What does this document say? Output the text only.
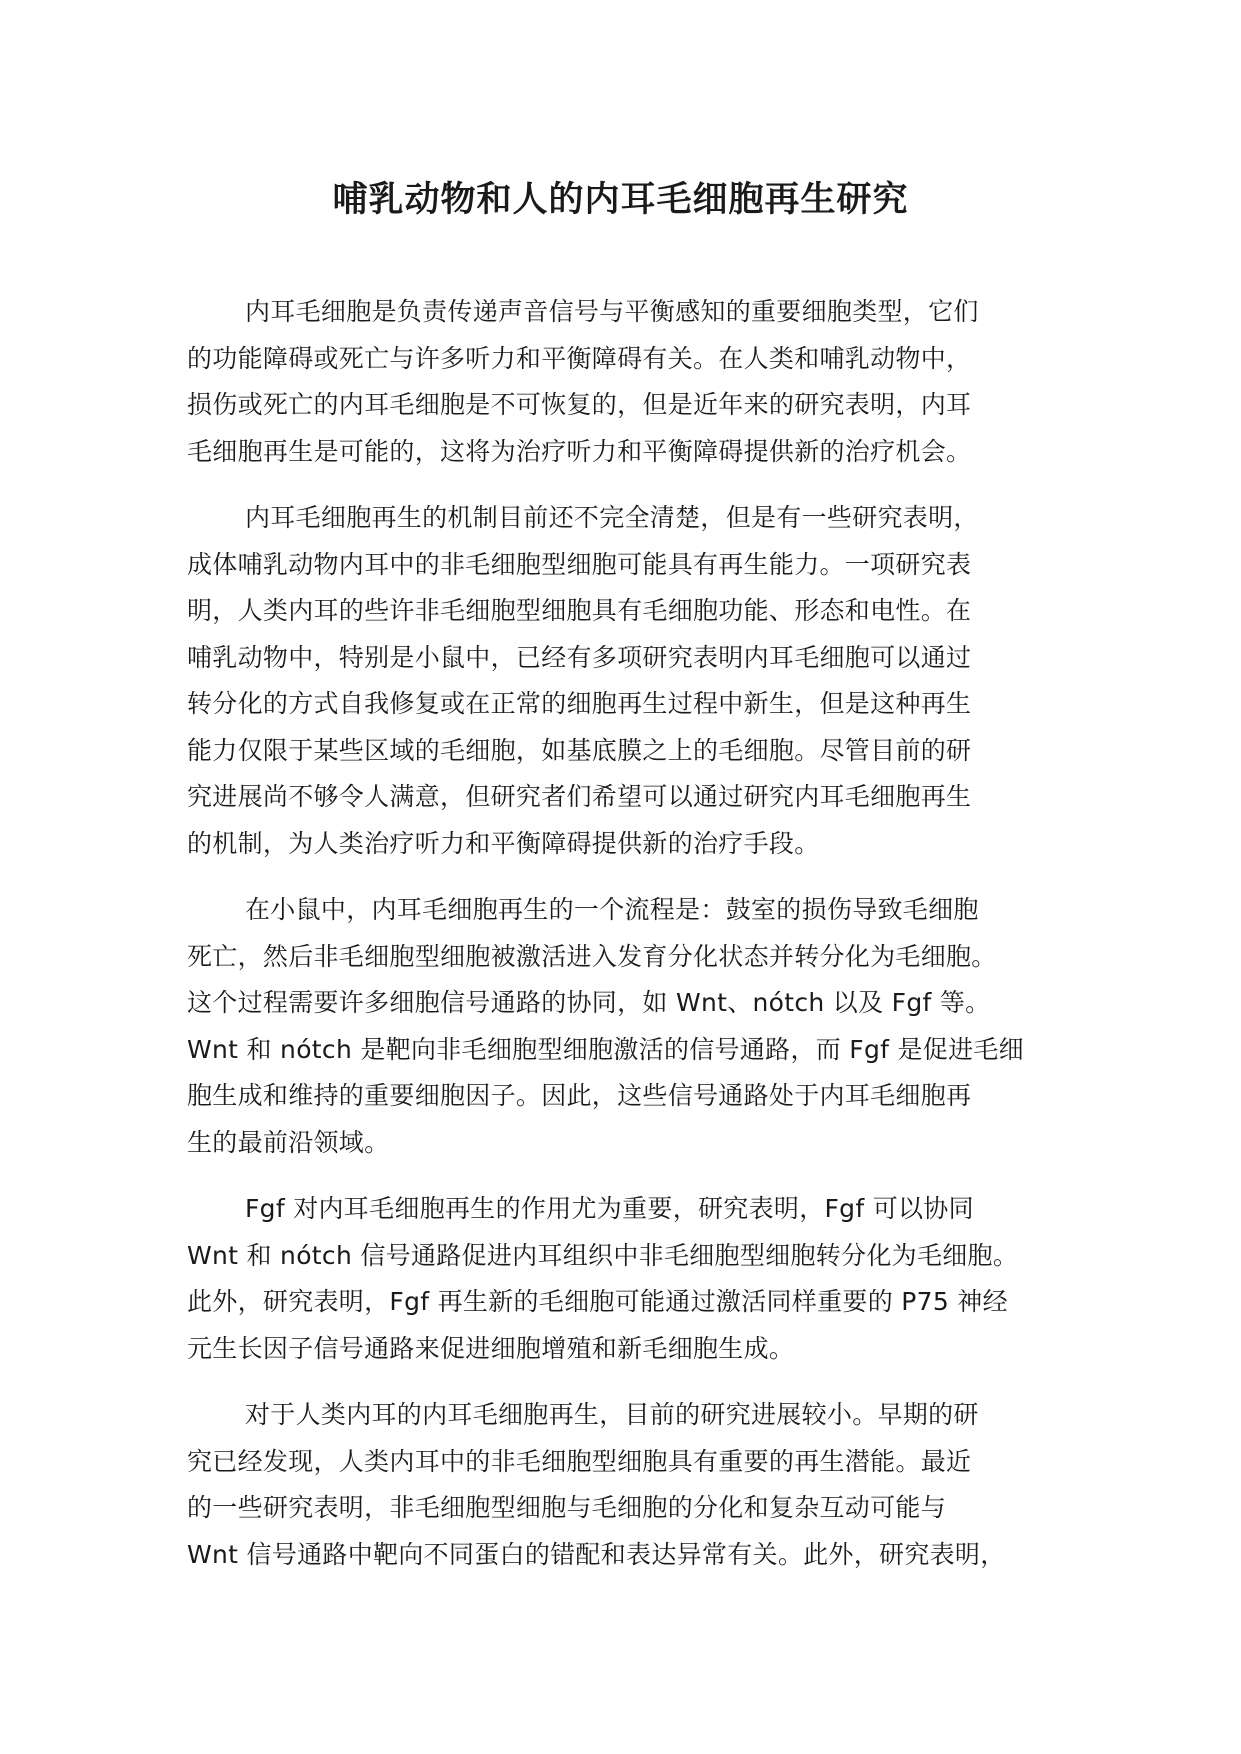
哺乳动物和人的内耳毛细胞再生研究
内耳毛细胞是负责传递声音信号与平衡感知的重要细胞类型，它们
的功能障碍或死亡与许多听力和平衡障碍有关。在人类和哺乳动物中，
损伤或死亡的内耳毛细胞是不可恢复的，但是近年来的研究表明，内耳
毛细胞再生是可能的，这将为治疗听力和平衡障碍提供新的治疗机会。
内耳毛细胞再生的机制目前还不完全清楚，但是有一些研究表明，
成体哺乳动物内耳中的非毛细胞型细胞可能具有再生能力。一项研究表
明，人类内耳的些许非毛细胞型细胞具有毛细胞功能、形态和电性。在
哺乳动物中，特别是小鼠中，已经有多项研究表明内耳毛细胞可以通过
转分化的方式自我修复或在正常的细胞再生过程中新生，但是这种再生
能力仅限于某些区域的毛细胞，如基底膜之上的毛细胞。尽管目前的研
究进展尚不够令人满意，但研究者们希望可以通过研究内耳毛细胞再生
的机制，为人类治疗听力和平衡障碍提供新的治疗手段。
在小鼠中，内耳毛细胞再生的一个流程是：鼓室的损伤导致毛细胞
死亡，然后非毛细胞型细胞被激活进入发育分化状态并转分化为毛细胞。
这个过程需要许多细胞信号通路的协同，如 Wnt、nótch 以及 Fgf 等。
Wnt 和 nótch 是靶向非毛细胞型细胞激活的信号通路，而 Fgf 是促进毛细
胞生成和维持的重要细胞因子。因此，这些信号通路处于内耳毛细胞再
生的最前沿领域。
Fgf 对内耳毛细胞再生的作用尤为重要，研究表明，Fgf 可以协同
Wnt 和 nótch 信号通路促进内耳组织中非毛细胞型细胞转分化为毛细胞。
此外，研究表明，Fgf 再生新的毛细胞可能通过激活同样重要的 P75 神经
元生长因子信号通路来促进细胞增殖和新毛细胞生成。
对于人类内耳的内耳毛细胞再生，目前的研究进展较小。早期的研
究已经发现，人类内耳中的非毛细胞型细胞具有重要的再生潜能。最近
的一些研究表明，非毛细胞型细胞与毛细胞的分化和复杂互动可能与
Wnt 信号通路中靶向不同蛋白的错配和表达异常有关。此外，研究表明，
